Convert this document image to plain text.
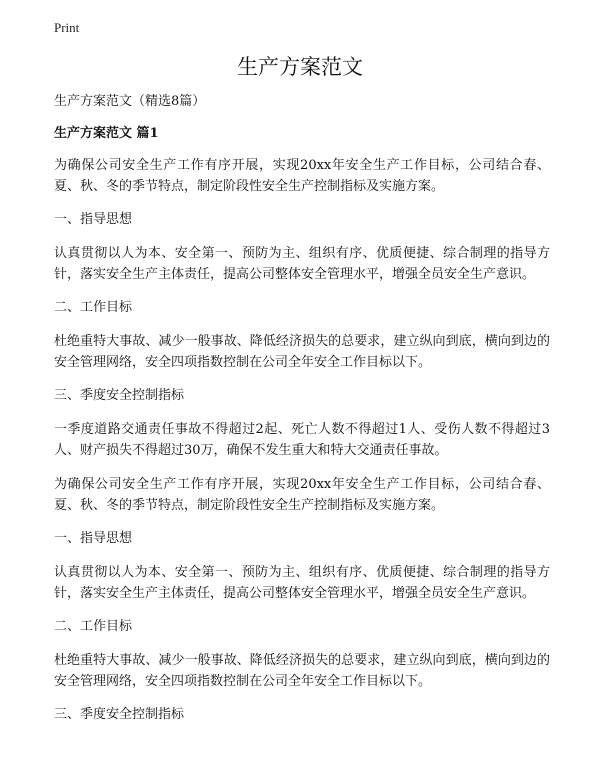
Print
生产方案范文

生产方案范文（精选8篇）

生产方案范文 篇1

为确保公司安全生产工作有序开展，实现20xx年安全生产工作目标，公司结合春、夏、秋、冬的季节特点，制定阶段性安全生产控制指标及实施方案。

一、指导思想

认真贯彻以人为本、安全第一、预防为主、组织有序、优质便捷、综合制理的指导方针，落实安全生产主体责任，提高公司整体安全管理水平，增强全员安全生产意识。

二、工作目标

杜绝重特大事故、减少一般事故、降低经济损失的总要求，建立纵向到底，横向到边的安全管理网络，安全四项指数控制在公司全年安全工作目标以下。

三、季度安全控制指标

一季度道路交通责任事故不得超过2起、死亡人数不得超过1人、受伤人数不得超过3人、财产损失不得超过30万，确保不发生重大和特大交通责任事故。

为确保公司安全生产工作有序开展，实现20xx年安全生产工作目标，公司结合春、夏、秋、冬的季节特点，制定阶段性安全生产控制指标及实施方案。

一、指导思想

认真贯彻以人为本、安全第一、预防为主、组织有序、优质便捷、综合制理的指导方针，落实安全生产主体责任，提高公司整体安全管理水平，增强全员安全生产意识。

二、工作目标

杜绝重特大事故、减少一般事故、降低经济损失的总要求，建立纵向到底，横向到边的安全管理网络，安全四项指数控制在公司全年安全工作目标以下。

三、季度安全控制指标
